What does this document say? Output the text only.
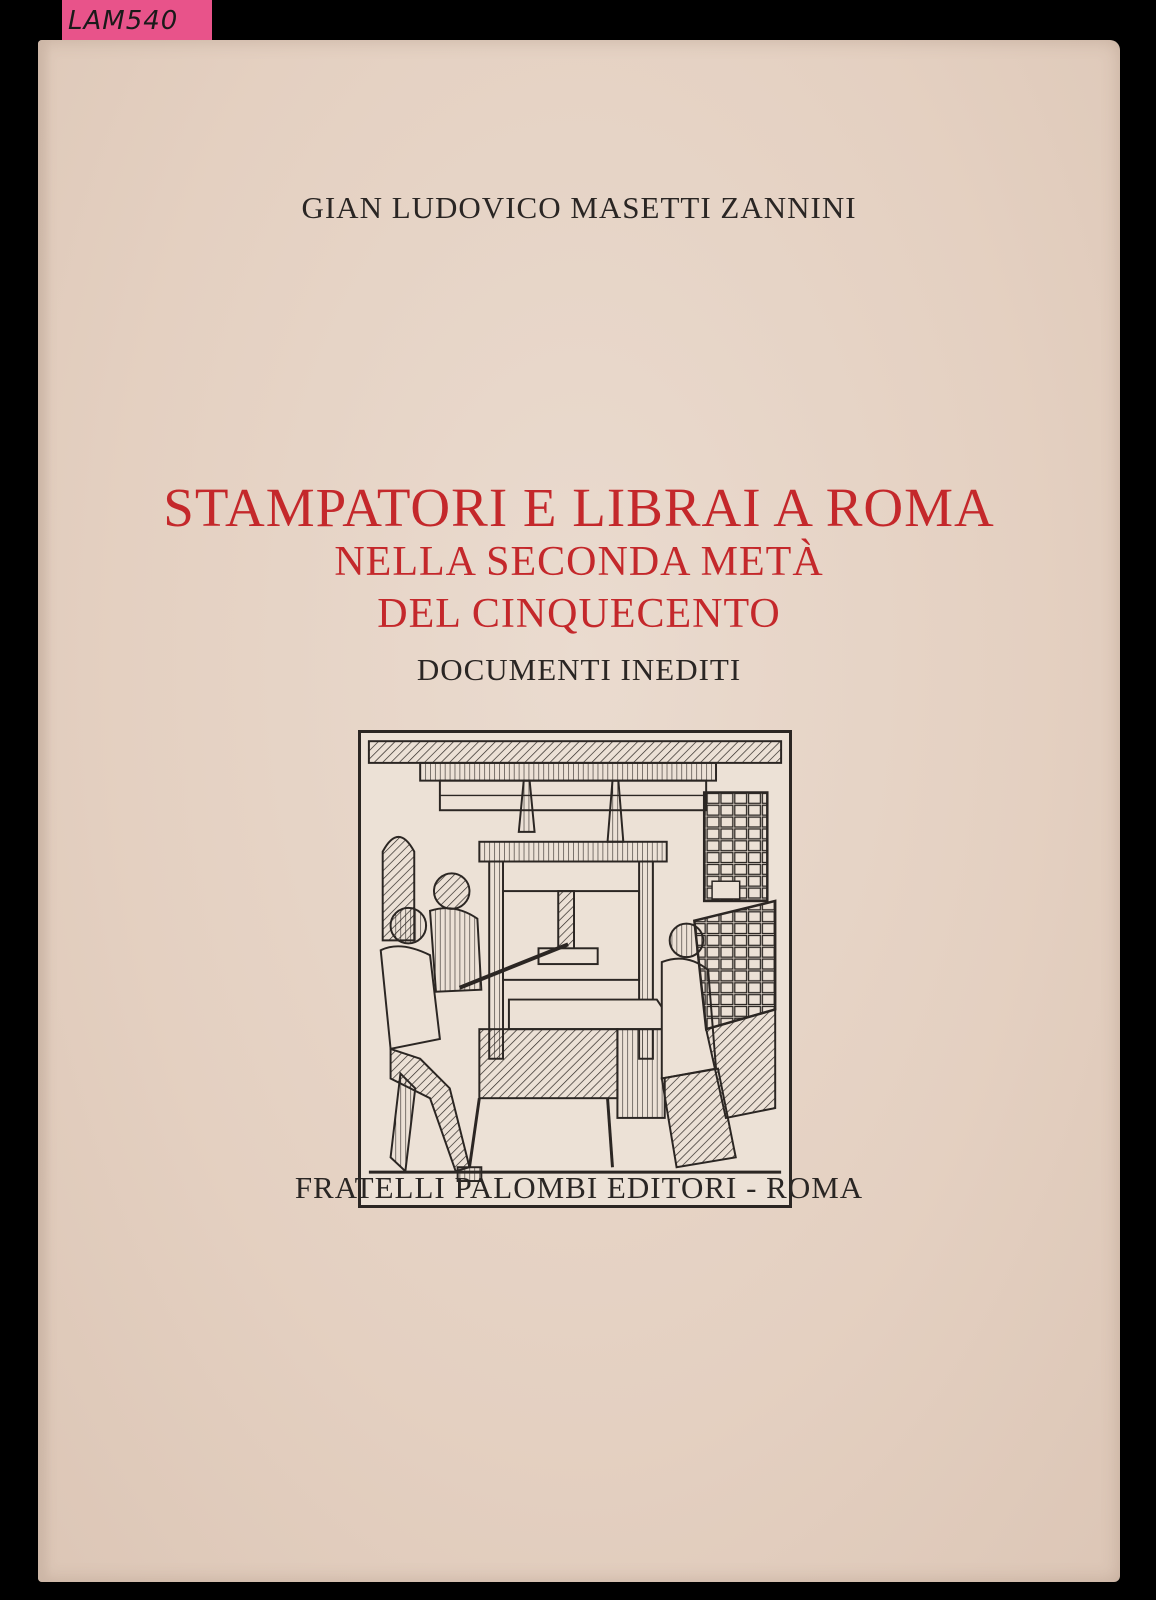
LAM540
GIAN LUDOVICO MASETTI ZANNINI
STAMPATORI E LIBRAI A ROMA
NELLA SECONDA METÀ
DEL CINQUECENTO
DOCUMENTI INEDITI
FRATELLI PALOMBI EDITORI - ROMA
